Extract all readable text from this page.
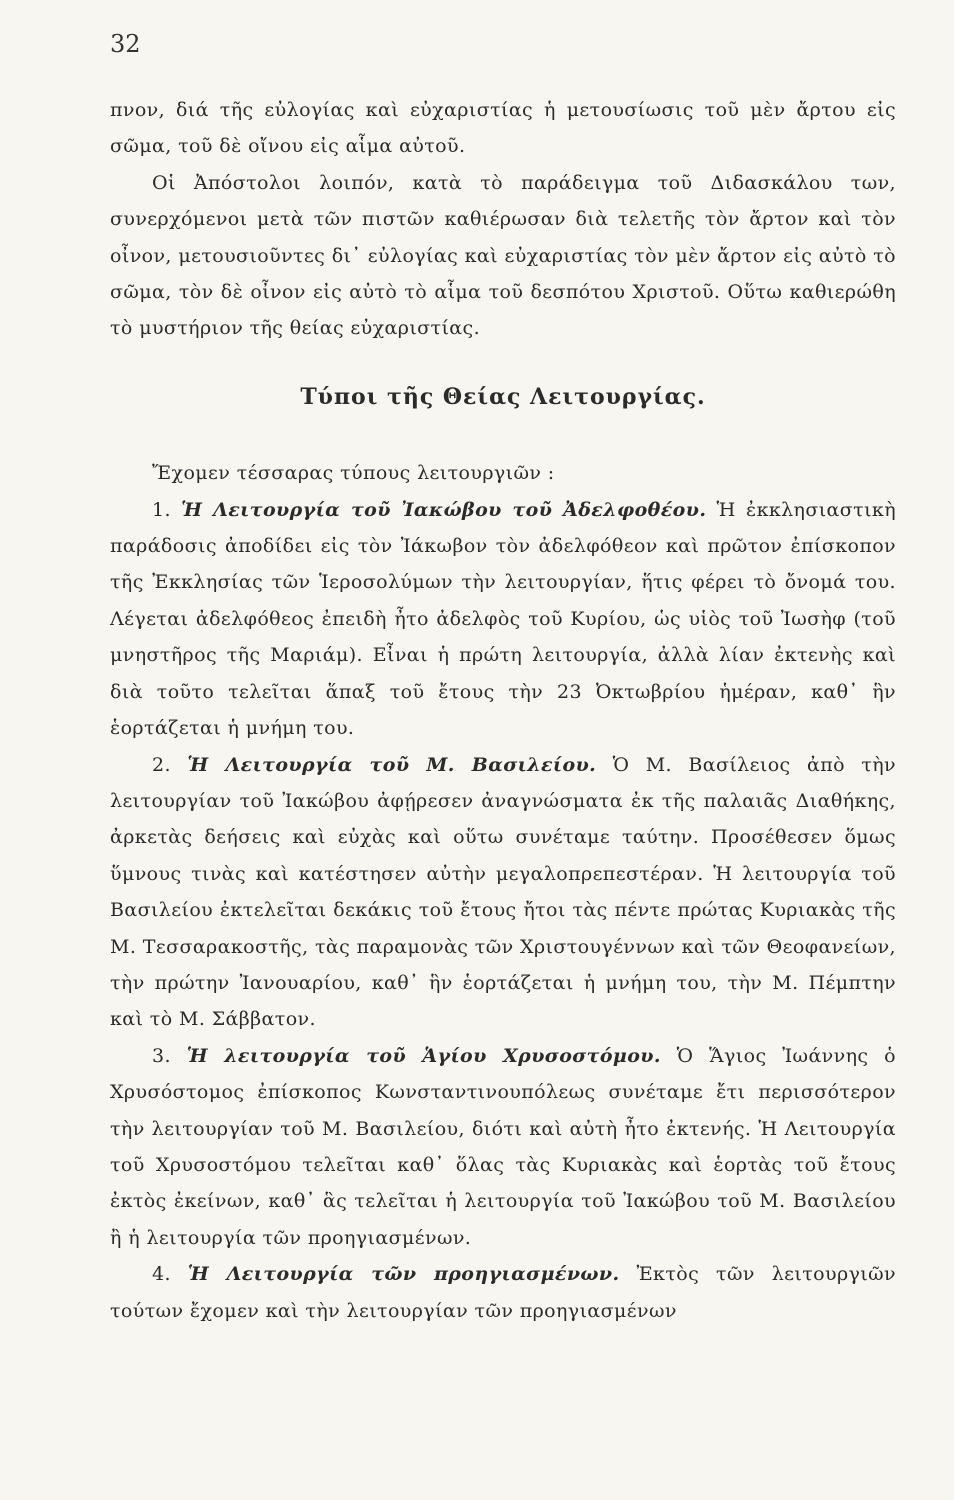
32

πνον, διά τῆς εὐλογίας καὶ εὐχαριστίας ἡ μετουσίωσις τοῦ μὲν ἄρτου εἰς σῶμα, τοῦ δὲ οἴνου εἰς αἷμα αὐτοῦ.

Οἱ Ἀπόστολοι λοιπόν, κατὰ τὸ παράδειγμα τοῦ Διδασκάλου των, συνερχόμενοι μετὰ τῶν πιστῶν καθιέρωσαν διὰ τελετῆς τὸν ἄρτον καὶ τὸν οἶνον, μετουσιοῦντες δι᾿ εὐλογίας καὶ εὐχαριστίας τὸν μὲν ἄρτον εἰς αὐτὸ τὸ σῶμα, τὸν δὲ οἶνον εἰς αὐτὸ τὸ αἷμα τοῦ δεσπότου Χριστοῦ. Οὕτω καθιερώθη τὸ μυστήριον τῆς θείας εὐχαριστίας.

Τύποι τῆς Θείας Λειτουργίας.

Ἔχομεν τέσσαρας τύπους λειτουργιῶν :

1. Ἡ Λειτουργία τοῦ Ἰακώβου τοῦ Ἀδελφοθέου. Ἡ ἐκκλησιαστικὴ παράδοσις ἀποδίδει εἰς τὸν Ἰάκωβον τὸν ἀδελφόθεον καὶ πρῶτον ἐπίσκοπον τῆς Ἐκκλησίας τῶν Ἱεροσολύμων τὴν λειτουργίαν, ἥτις φέρει τὸ ὄνομά του. Λέγεται ἀδελφόθεος ἐπειδὴ ἦτο ἀδελφὸς τοῦ Κυρίου, ὡς υἱὸς τοῦ Ἰωσὴφ (τοῦ μνηστῆρος τῆς Μαριάμ). Εἶναι ἡ πρώτη λειτουργία, ἀλλὰ λίαν ἐκτενὴς καὶ διὰ τοῦτο τελεῖται ἅπαξ τοῦ ἔτους τὴν 23 Ὀκτωβρίου ἡμέραν, καθ᾿ ἣν ἑορτάζεται ἡ μνήμη του.

2. Ἡ Λειτουργία τοῦ Μ. Βασιλείου. Ὁ Μ. Βασίλειος ἀπὸ τὴν λειτουργίαν τοῦ Ἰακώβου ἀφῄρεσεν ἀναγνώσματα ἐκ τῆς παλαιᾶς Διαθήκης, ἀρκετὰς δεήσεις καὶ εὐχὰς καὶ οὕτω συνέταμε ταύτην. Προσέθεσεν ὅμως ὕμνους τινὰς καὶ κατέστησεν αὐτὴν μεγαλοπρεπεστέραν. Ἡ λειτουργία τοῦ Βασιλείου ἐκτελεῖται δεκάκις τοῦ ἔτους ἤτοι τὰς πέντε πρώτας Κυριακὰς τῆς Μ. Τεσσαρακοστῆς, τὰς παραμονὰς τῶν Χριστουγέννων καὶ τῶν Θεοφανείων, τὴν πρώτην Ἰανουαρίου, καθ᾿ ἣν ἑορτάζεται ἡ μνήμη του, τὴν Μ. Πέμπτην καὶ τὸ Μ. Σάββατον.

3. Ἡ λειτουργία τοῦ Ἁγίου Χρυσοστόμου. Ὁ Ἅγιος Ἰωάννης ὁ Χρυσόστομος ἐπίσκοπος Κωνσταντινουπόλεως συνέταμε ἔτι περισσότερον τὴν λειτουργίαν τοῦ Μ. Βασιλείου, διότι καὶ αὐτὴ ἦτο ἐκτενής. Ἡ Λειτουργία τοῦ Χρυσοστόμου τελεῖται καθ᾿ ὅλας τὰς Κυριακὰς καὶ ἑορτὰς τοῦ ἔτους ἐκτὸς ἐκείνων, καθ᾿ ἃς τελεῖται ἡ λειτουργία τοῦ Ἰακώβου τοῦ Μ. Βασιλείου ἢ ἡ λειτουργία τῶν προηγιασμένων.

4. Ἡ Λειτουργία τῶν προηγιασμένων. Ἐκτὸς τῶν λειτουργιῶν τούτων ἔχομεν καὶ τὴν λειτουργίαν τῶν προηγιασμένων
